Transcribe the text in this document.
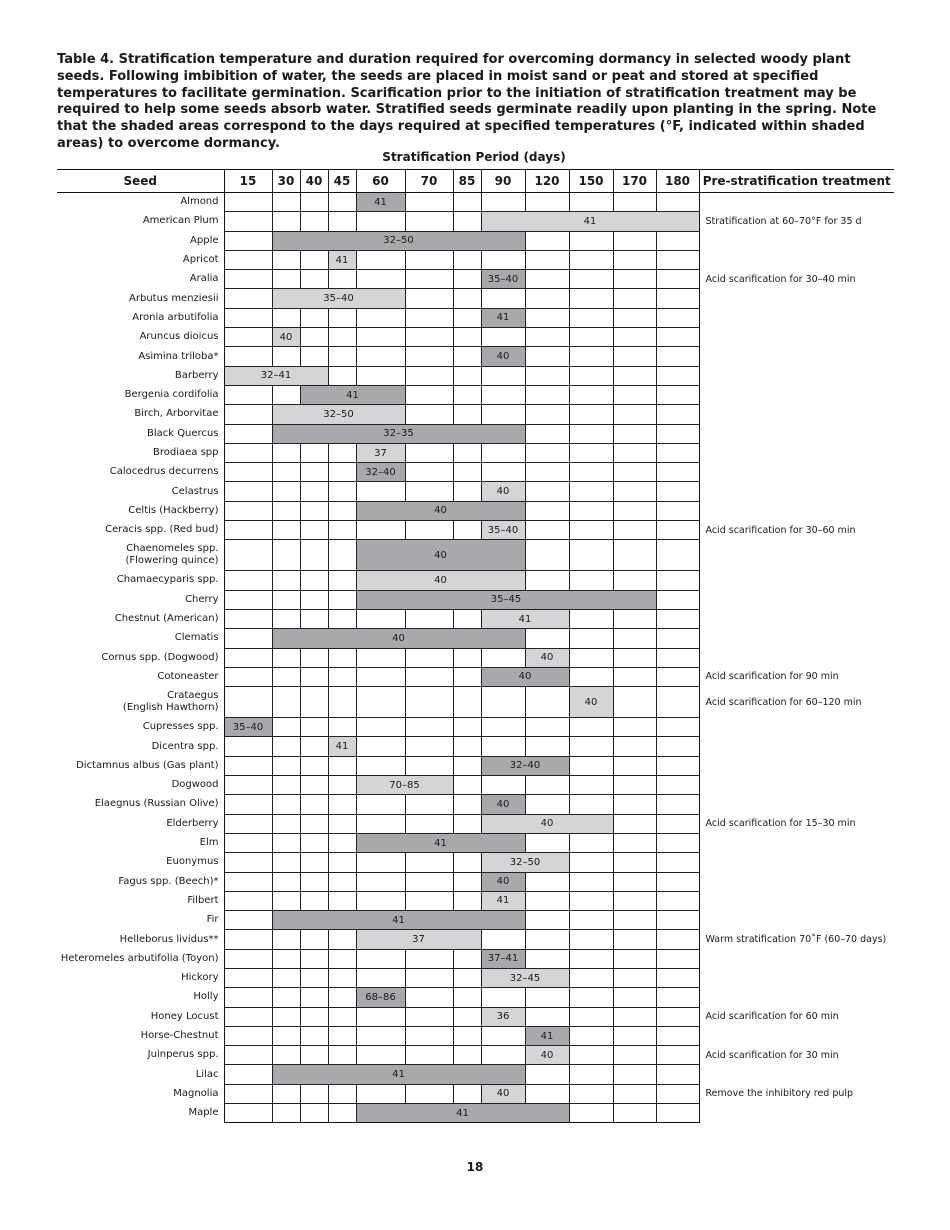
Table 4. Stratification temperature and duration required for overcoming dormancy in selected woody plant seeds. Following imbibition of water, the seeds are placed in moist sand or peat and stored at specified temperatures to facilitate germination. Scarification prior to the initiation of stratification treatment may be required to help some seeds absorb water. Stratified seeds germinate readily upon planting in the spring. Note that the shaded areas correspond to the days required at specified temperatures (°F, indicated within shaded areas) to overcome dormancy.

Stratification Period (days)
Seed	15	30	40	45	60	70	85	90	120	150	170	180	Pre-stratification treatment
Almond					41								
American Plum								41					Stratification at 60–70°F for 35 d
Apple		32–50											
Apricot				41									
Aralia								35–40					Acid scarification for 30–40 min
Arbutus menziesii		35–40											
Aronia arbutifolia								41					
Aruncus dioicus		40											
Asimina triloba*								40					
Barberry	32–41												
Bergenia cordifolia			41										
Birch, Arborvitae		32–50											
Black Quercus		32–35											
Brodiaea spp					37								
Calocedrus decurrens					32–40								
Celastrus								40					
Celtis (Hackberry)					40								
Ceracis spp. (Red bud)								35–40					Acid scarification for 30–60 min
Chaenomeles spp.
(Flowering quince)					40								
Chamaecyparis spp.					40								
Cherry					35–45								
Chestnut (American)								41					
Clematis		40											
Cornus spp. (Dogwood)									40				
Cotoneaster								40					Acid scarification for 90 min
Crataegus
(English Hawthorn)										40			Acid scarification for 60–120 min
Cupresses spp.	35–40												
Dicentra spp.				41									
Dictamnus albus (Gas plant)								32–40					
Dogwood					70–85								
Elaegnus (Russian Olive)								40					
Elderberry								40					Acid scarification for 15–30 min
Elm					41								
Euonymus								32–50					
Fagus spp. (Beech)*								40					
Filbert								41					
Fir		41											
Helleborus lividus**					37								Warm stratification 70˚F (60–70 days)
Heteromeles arbutifolia (Toyon)								37–41					
Hickory								32–45					
Holly					68–86								
Honey Locust								36					Acid scarification for 60 min
Horse-Chestnut									41				
Juinperus spp.									40				Acid scarification for 30 min
Lilac		41											
Magnolia								40					Remove the inhibitory red pulp
Maple					41								
18
